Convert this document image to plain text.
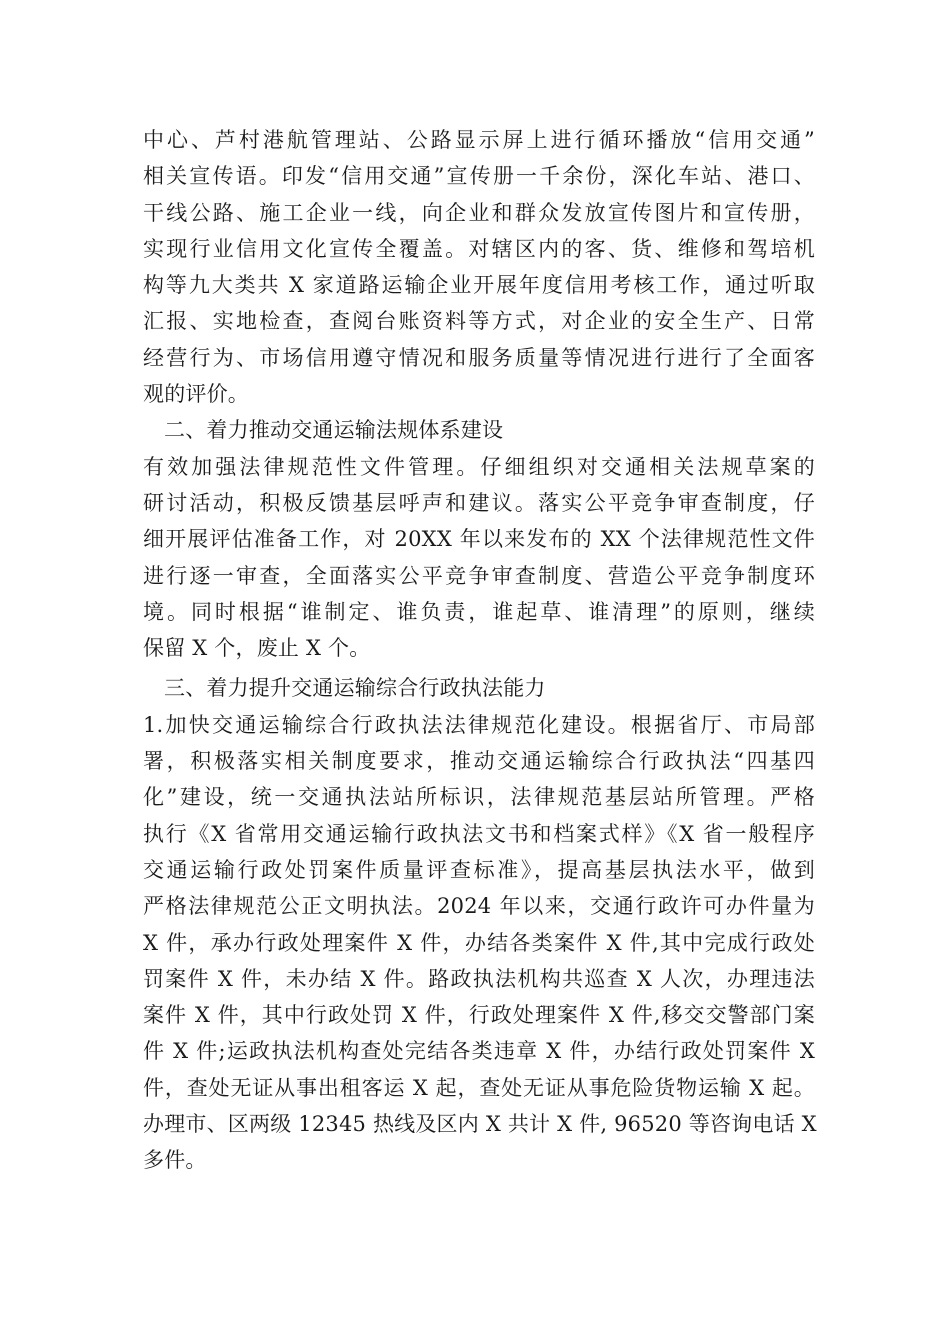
中心、芦村港航管理站、公路显示屏上进行循环播放“信用交通”
相关宣传语。印发“信用交通”宣传册一千余份，深化车站、港口、
干线公路、施工企业一线，向企业和群众发放宣传图片和宣传册，
实现行业信用文化宣传全覆盖。对辖区内的客、货、维修和驾培机
构等九大类共 X 家道路运输企业开展年度信用考核工作，通过听取
汇报、实地检查，查阅台账资料等方式，对企业的安全生产、日常
经营行为、市场信用遵守情况和服务质量等情况进行进行了全面客
观的评价。
二、着力推动交通运输法规体系建设
有效加强法律规范性文件管理。仔细组织对交通相关法规草案的
研讨活动，积极反馈基层呼声和建议。落实公平竞争审查制度，仔
细开展评估准备工作，对 20XX 年以来发布的 XX 个法律规范性文件
进行逐一审查，全面落实公平竞争审查制度、营造公平竞争制度环
境。同时根据“谁制定、谁负责，谁起草、谁清理”的原则，继续
保留 X 个，废止 X 个。
三、着力提升交通运输综合行政执法能力
1.加快交通运输综合行政执法法律规范化建设。根据省厅、市局部
署，积极落实相关制度要求，推动交通运输综合行政执法“四基四
化”建设，统一交通执法站所标识，法律规范基层站所管理。严格
执行《X 省常用交通运输行政执法文书和档案式样》《X 省一般程序
交通运输行政处罚案件质量评查标准》，提高基层执法水平，做到
严格法律规范公正文明执法。2024 年以来，交通行政许可办件量为
X 件，承办行政处理案件 X 件，办结各类案件 X 件,其中完成行政处
罚案件 X 件，未办结 X 件。路政执法机构共巡查 X 人次，办理违法
案件 X 件，其中行政处罚 X 件，行政处理案件 X 件,移交交警部门案
件 X 件;运政执法机构查处完结各类违章 X 件，办结行政处罚案件 X
件，查处无证从事出租客运 X 起，查处无证从事危险货物运输 X 起。
办理市、区两级 12345 热线及区内 X 共计 X 件, 96520 等咨询电话 X
多件。
